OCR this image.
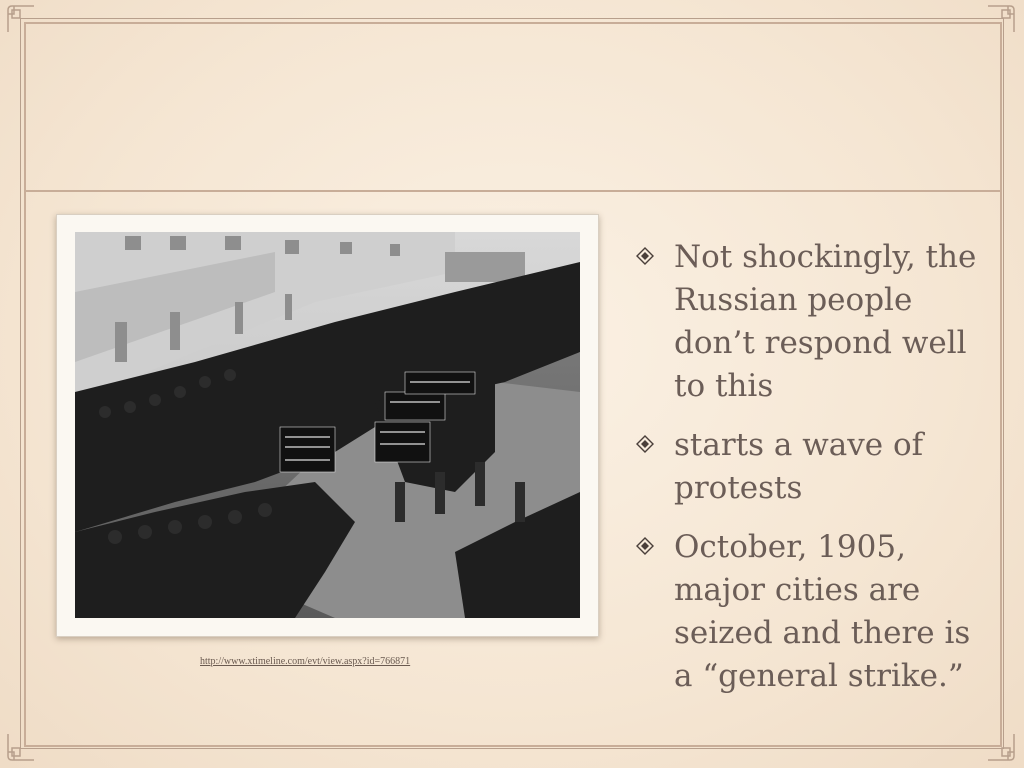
http://www.xtimeline.com/evt/view.aspx?id=766871
Not shockingly, the Russian people don’t respond well to this
starts a wave of protests
October, 1905, major cities are seized and there is a “general strike.”
